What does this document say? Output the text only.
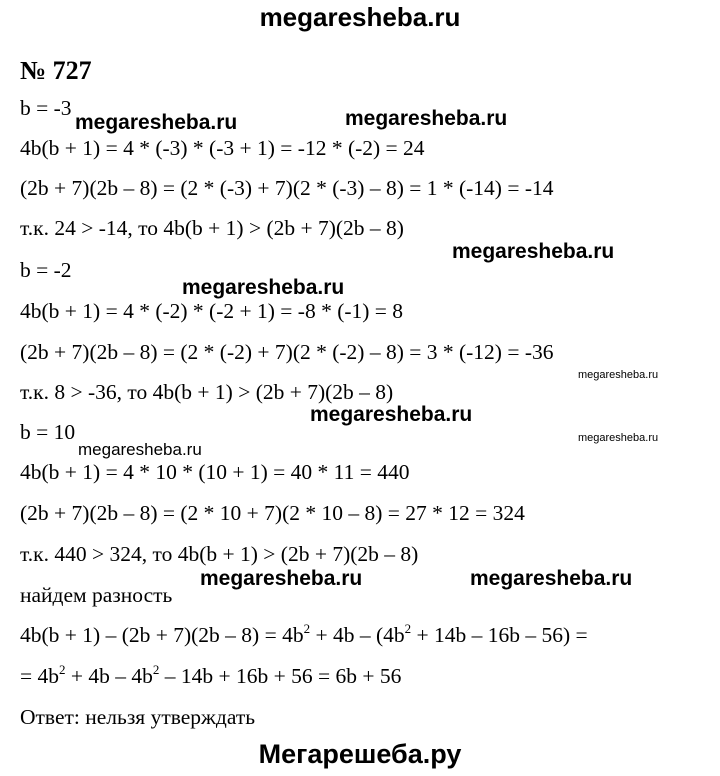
megaresheba.ru
№ 727
b = -3
4b(b + 1) = 4 * (-3) * (-3 + 1) = -12 * (-2) = 24
(2b + 7)(2b – 8) = (2 * (-3) + 7)(2 * (-3) – 8) = 1 * (-14) = -14
т.к. 24 > -14, то 4b(b + 1) > (2b + 7)(2b – 8)
b = -2
4b(b + 1) = 4 * (-2) * (-2 + 1) = -8 * (-1) = 8
(2b + 7)(2b – 8) = (2 * (-2) + 7)(2 * (-2) – 8) = 3 * (-12) = -36
т.к. 8 > -36, то 4b(b + 1) > (2b + 7)(2b – 8)
b = 10
4b(b + 1) = 4 * 10 * (10 + 1) = 40 * 11 = 440
(2b + 7)(2b – 8) = (2 * 10 + 7)(2 * 10 – 8) = 27 * 12 = 324
т.к. 440 > 324, то 4b(b + 1) > (2b + 7)(2b – 8)
найдем разность
$4b(b + 1) - (2b + 7)(2b - 8) = 4b^2 + 4b - (4b^2 + 14b - 16b - 56)$ =
= $4b^2 + 4b - 4b^2 - 14b + 16b + 56 = 6b + 56$
Ответ: нельзя утверждать
megaresheba.ru	megaresheba.ru
megaresheba.ru
megaresheba.ru
megaresheba.ru
megaresheba.ru
megaresheba.ru
megaresheba.ru
megaresheba.ru	megaresheba.ru
Мегарешеба.ру
